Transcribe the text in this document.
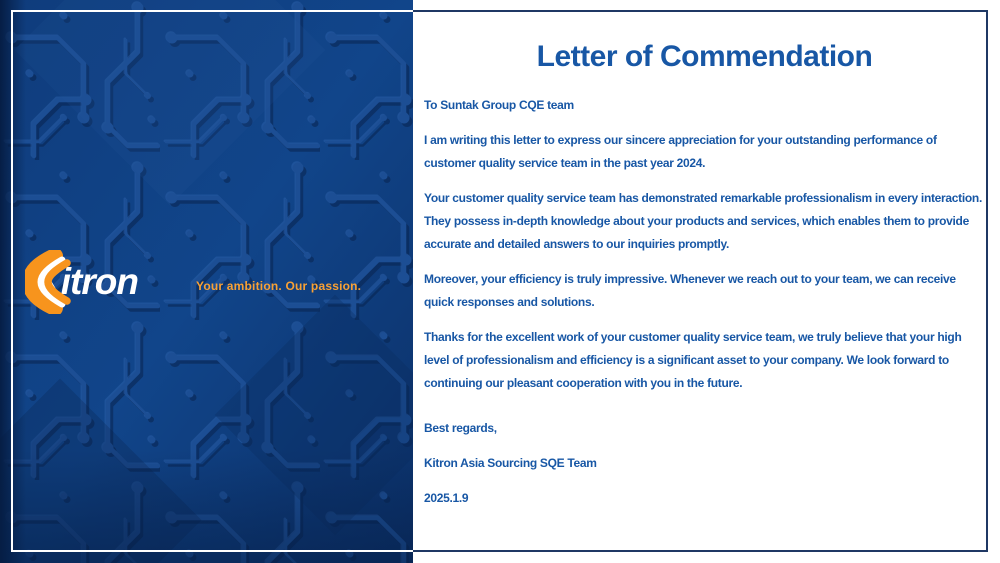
Kitron	Your ambition. Our passion.
Letter of Commendation

To Suntak Group CQE team

I am writing this letter to express our sincere appreciation for your outstanding performance of customer quality service team in the past year 2024.

Your customer quality service team has demonstrated remarkable professionalism in every interaction. They possess in-depth knowledge about your products and services, which enables them to provide accurate and detailed answers to our inquiries promptly.

Moreover, your efficiency is truly impressive. Whenever we reach out to your team, we can receive quick responses and solutions.

Thanks for the excellent work of your customer quality service team, we truly believe that your high level of professionalism and efficiency is a significant asset to your company. We look forward to continuing our pleasant cooperation with you in the future.

Best regards,

Kitron Asia Sourcing SQE Team

2025.1.9
